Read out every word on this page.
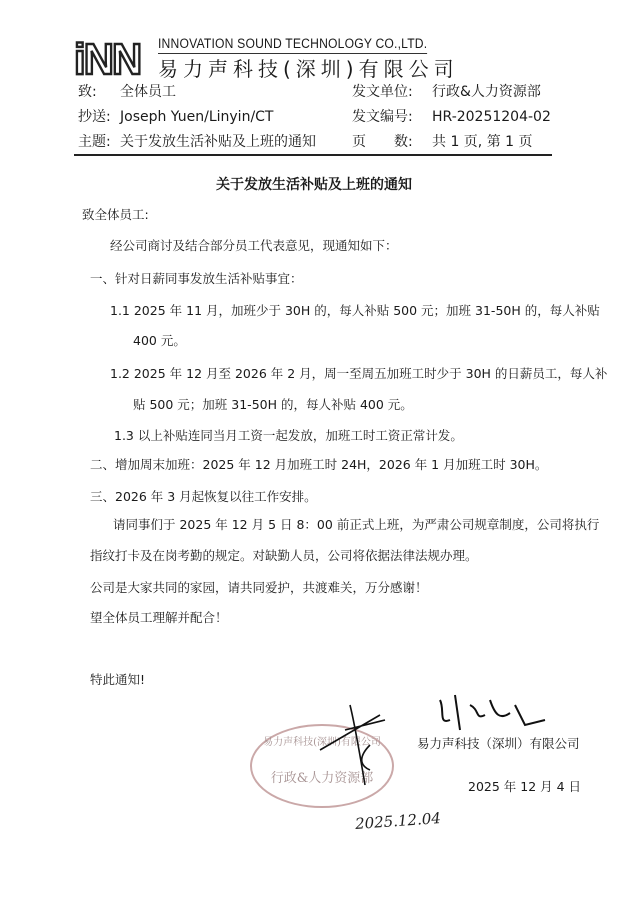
iNN INNOVATION SOUND TECHNOLOGY CO.,LTD.
易力声科技(深圳)有限公司
致: 全体员工
抄送: Joseph Yuen/Linyin/CT
主题: 关于发放生活补贴及上班的通知
发文单位: 行政&人力资源部
发文编号: HR-20251204-02
页　　数: 共 1 页, 第 1 页
关于发放生活补贴及上班的通知
致全体员工:
经公司商讨及结合部分员工代表意见，现通知如下：
一、针对日薪同事发放生活补贴事宜：
1.1 2025 年 11 月，加班少于 30H 的，每人补贴 500 元；加班 31-50H 的，每人补贴
400 元。
1.2 2025 年 12 月至 2026 年 2 月，周一至周五加班工时少于 30H 的日薪员工，每人补
贴 500 元；加班 31-50H 的，每人补贴 400 元。
1.3 以上补贴连同当月工资一起发放，加班工时工资正常计发。
二、增加周末加班：2025 年 12 月加班工时 24H，2026 年 1 月加班工时 30H。
三、2026 年 3 月起恢复以往工作安排。
请同事们于 2025 年 12 月 5 日 8：00 前正式上班，为严肃公司规章制度，公司将执行
指纹打卡及在岗考勤的规定。对缺勤人员，公司将依据法律法规办理。
公司是大家共同的家园，请共同爱护，共渡难关，万分感谢！
望全体员工理解并配合！
特此通知!
易力声科技(深圳)有限公司
行政&人力资源部
易力声科技（深圳）有限公司
2025 年 12 月 4 日
2025.12.04
